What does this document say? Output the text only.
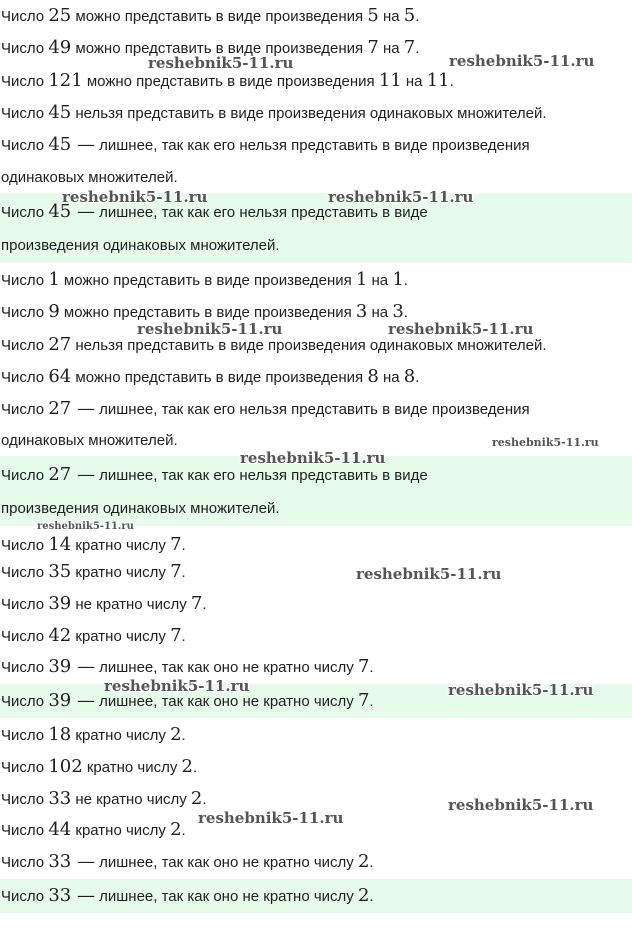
Число 25 можно представить в виде произведения 5 на 5.
Число 49 можно представить в виде произведения 7 на 7.
Число 121 можно представить в виде произведения 11 на 11.
Число 45 нельзя представить в виде произведения одинаковых множителей.
Число 45 — лишнее, так как его нельзя представить в виде произведения
одинаковых множителей.
Число 45 — лишнее, так как его нельзя представить в виде
произведения одинаковых множителей.
Число 1 можно представить в виде произведения 1 на 1.
Число 9 можно представить в виде произведения 3 на 3.
Число 27 нельзя представить в виде произведения одинаковых множителей.
Число 64 можно представить в виде произведения 8 на 8.
Число 27 — лишнее, так как его нельзя представить в виде произведения
одинаковых множителей.
Число 27 — лишнее, так как его нельзя представить в виде
произведения одинаковых множителей.
Число 14 кратно числу 7.
Число 35 кратно числу 7.
Число 39 не кратно числу 7.
Число 42 кратно числу 7.
Число 39 — лишнее, так как оно не кратно числу 7.
Число 39 — лишнее, так как оно не кратно числу 7.
Число 18 кратно числу 2.
Число 102 кратно числу 2.
Число 33 не кратно числу 2.
Число 44 кратно числу 2.
Число 33 — лишнее, так как оно не кратно числу 2.
Число 33 — лишнее, так как оно не кратно числу 2.
reshebnik5-11.ru	reshebnik5-11.ru
reshebnik5-11.ru	reshebnik5-11.ru
reshebnik5-11.ru	reshebnik5-11.ru
reshebnik5-11.ru
reshebnik5-11.ru
reshebnik5-11.ru
reshebnik5-11.ru
reshebnik5-11.ru	reshebnik5-11.ru
reshebnik5-11.ru
reshebnik5-11.ru
